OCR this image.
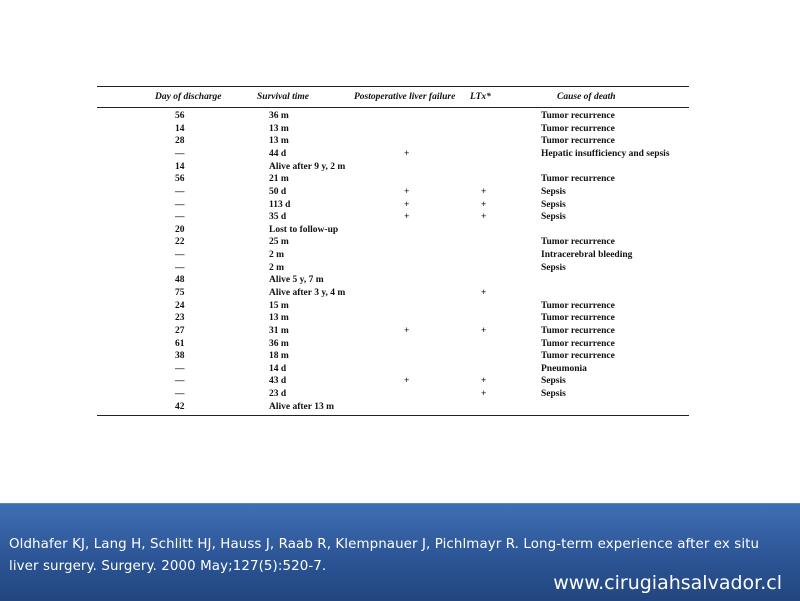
Day of discharge	Survival time	Postoperative liver failure	LTx*	Cause of death
56	36 m			Tumor recurrence
14	13 m			Tumor recurrence
28	13 m			Tumor recurrence
—	44 d	+		Hepatic insufficiency and sepsis
14	Alive after 9 y, 2 m			
56	21 m			Tumor recurrence
—	50 d	+	+	Sepsis
—	113 d	+	+	Sepsis
—	35 d	+	+	Sepsis
20	Lost to follow-up			
22	25 m			Tumor recurrence
—	2 m			Intracerebral bleeding
—	2 m			Sepsis
48	Alive 5 y, 7 m			
75	Alive after 3 y, 4 m		+	
24	15 m			Tumor recurrence
23	13 m			Tumor recurrence
27	31 m	+	+	Tumor recurrence
61	36 m			Tumor recurrence
38	18 m			Tumor recurrence
—	14 d			Pneumonia
—	43 d	+	+	Sepsis
—	23 d		+	Sepsis
42	Alive after 13 m			
Oldhafer KJ, Lang H, Schlitt HJ, Hauss J, Raab R, Klempnauer J, Pichlmayr R. Long-term experience after ex situ liver surgery. Surgery. 2000 May;127(5):520-7.
www.cirugiahsalvador.cl
